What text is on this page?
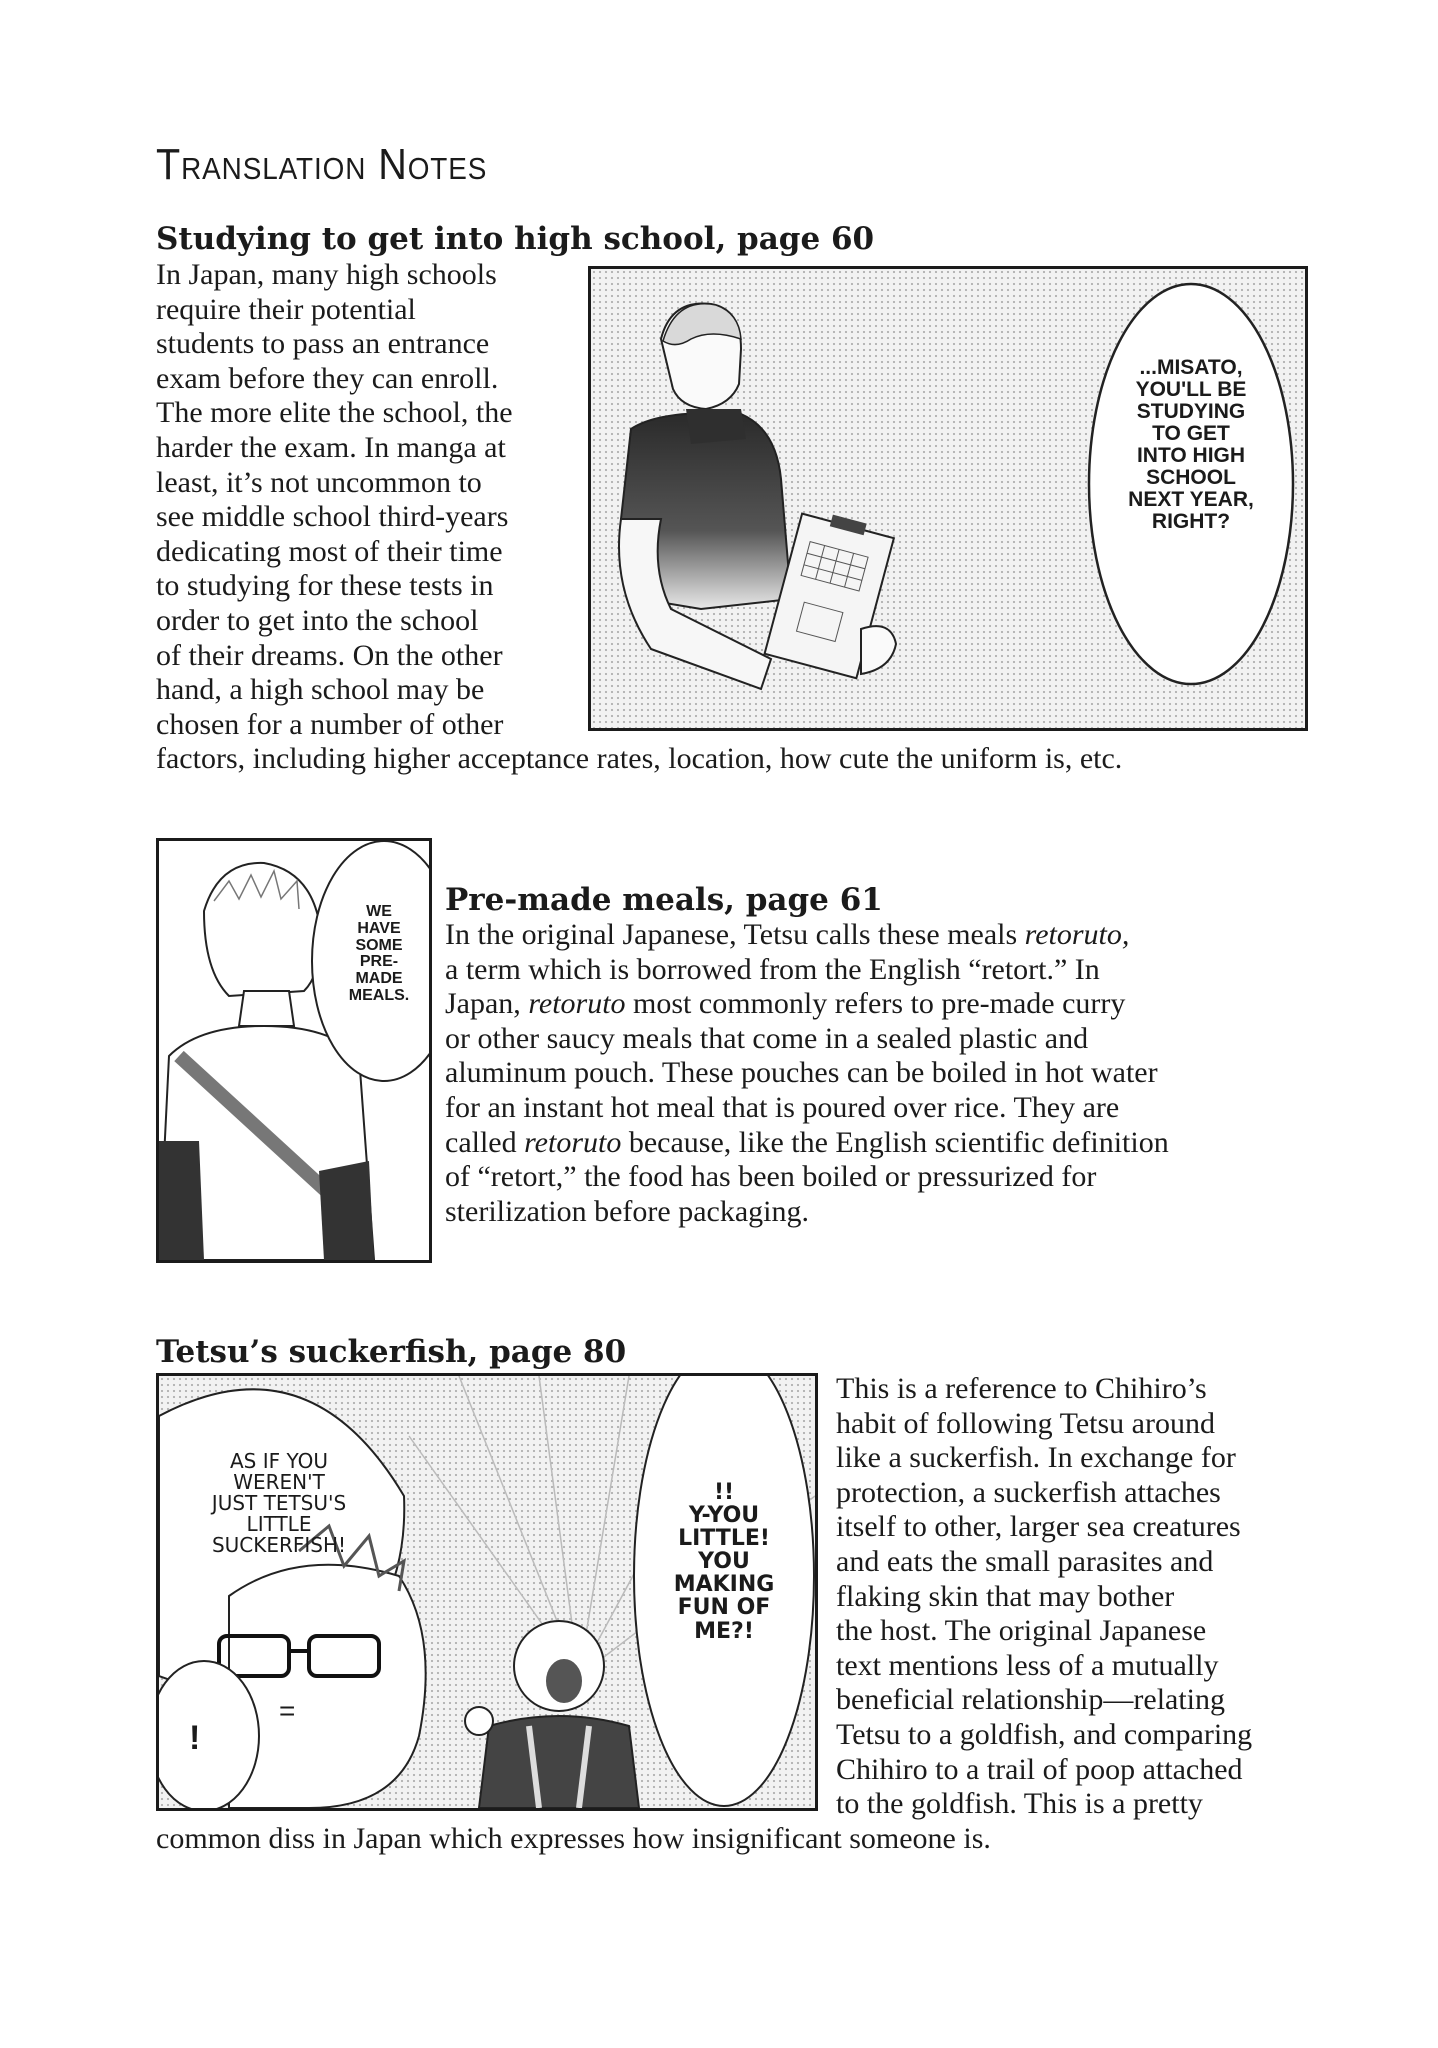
Translation Notes
Studying to get into high school, page 60
In Japan, many high schools
require their potential
students to pass an entrance
exam before they can enroll.
The more elite the school, the
harder the exam. In manga at
least, it’s not uncommon to
see middle school third-years
dedicating most of their time
to studying for these tests in
order to get into the school
of their dreams. On the other
hand, a high school may be
chosen for a number of other
factors, including higher acceptance rates, location, how cute the uniform is, etc.
...MISATO,
YOU'LL BE
STUDYING
TO GET
INTO HIGH
SCHOOL
NEXT YEAR,
RIGHT?
WE
HAVE
SOME
PRE-
MADE
MEALS.
Pre-made meals, page 61
In the original Japanese, Tetsu calls these meals retoruto,
a term which is borrowed from the English “retort.” In
Japan, retoruto most commonly refers to pre-made curry
or other saucy meals that come in a sealed plastic and
aluminum pouch. These pouches can be boiled in hot water
for an instant hot meal that is poured over rice. They are
called retoruto because, like the English scientific definition
of “retort,” the food has been boiled or pressurized for
sterilization before packaging.
Tetsu’s suckerfish, page 80
AS IF YOU
WEREN'T
JUST TETSU'S
LITTLE
SUCKERFISH!
!!
Y-YOU
LITTLE!
YOU
MAKING
FUN OF
ME?!
!
=
This is a reference to Chihiro’s
habit of following Tetsu around
like a suckerfish. In exchange for
protection, a suckerfish attaches
itself to other, larger sea creatures
and eats the small parasites and
flaking skin that may bother
the host. The original Japanese
text mentions less of a mutually
beneficial relationship—relating
Tetsu to a goldfish, and comparing
Chihiro to a trail of poop attached
to the goldfish. This is a pretty
common diss in Japan which expresses how insignificant someone is.
